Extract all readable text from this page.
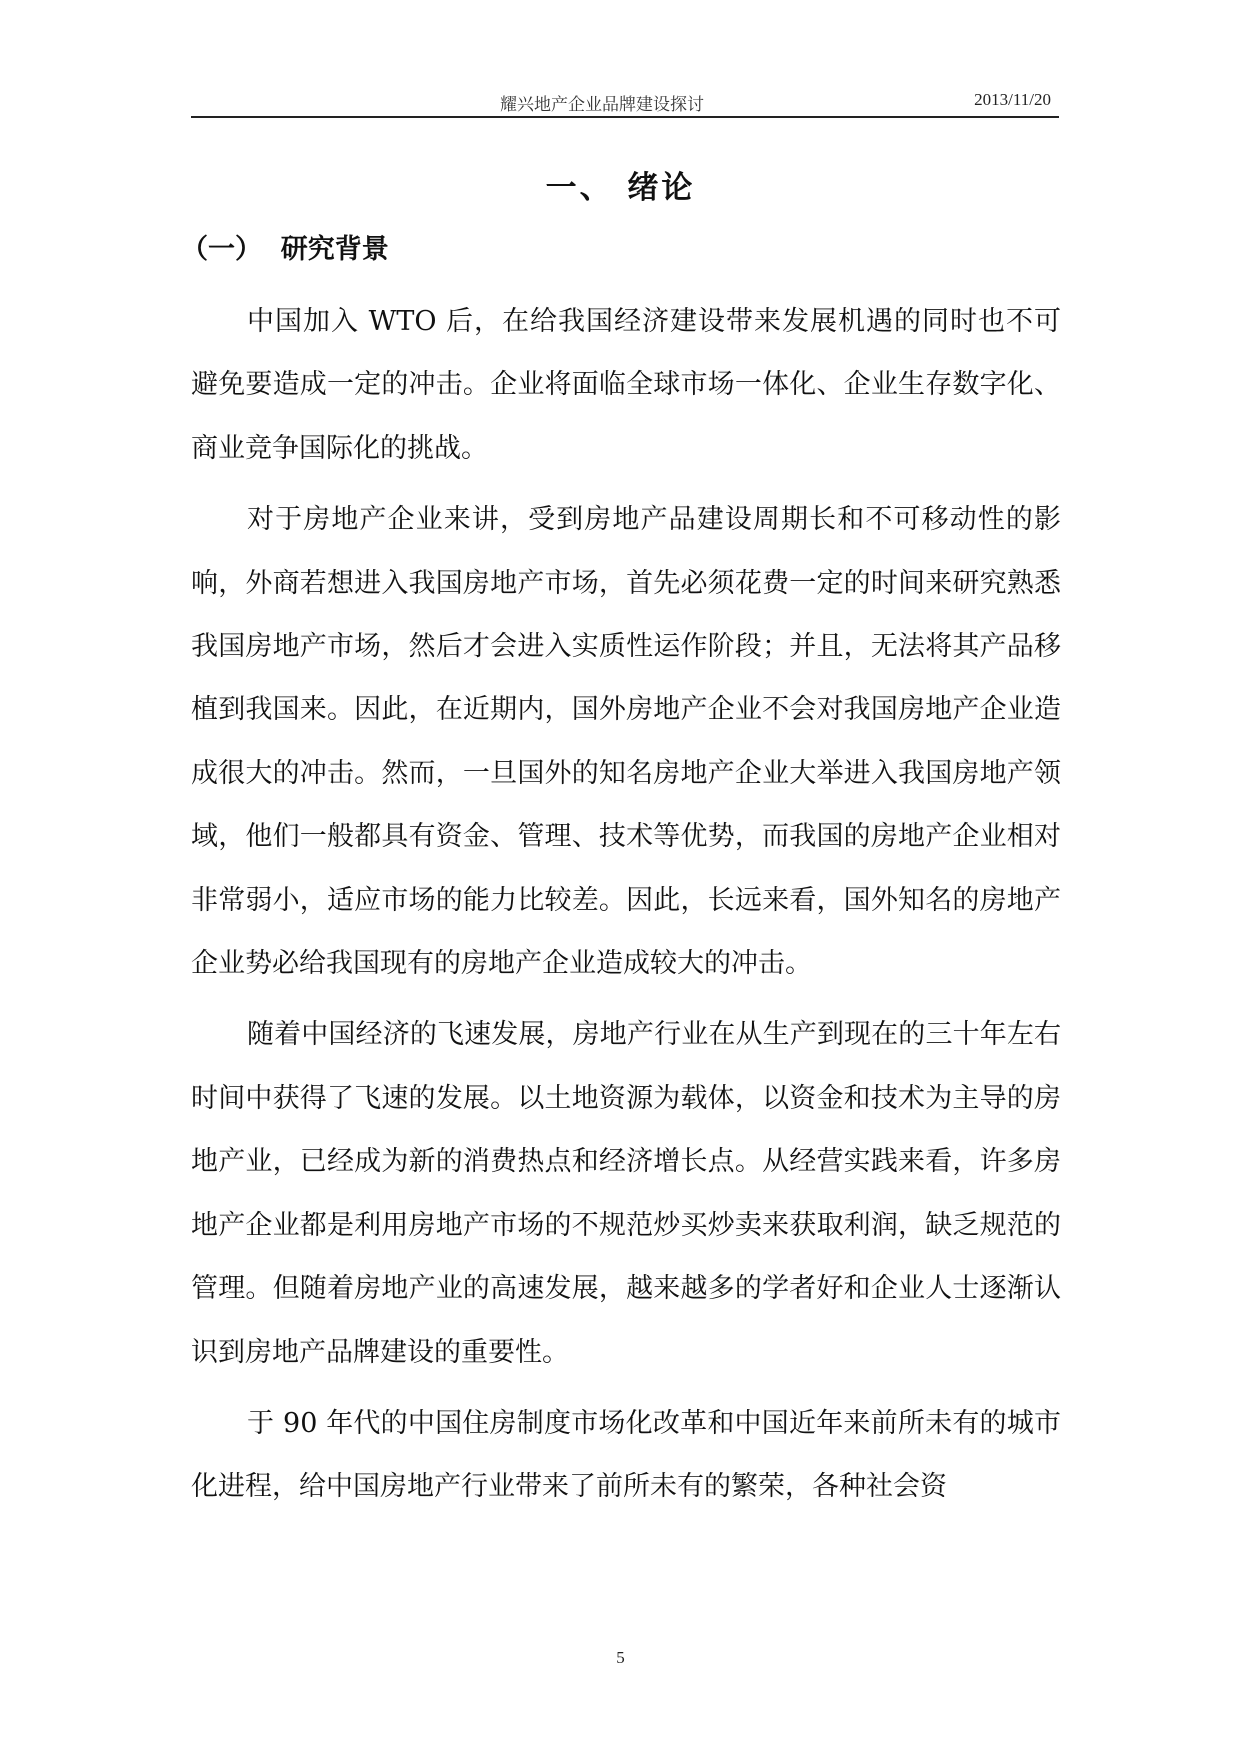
耀兴地产企业品牌建设探讨	2013/11/20
一、 绪论
（一）  研究背景

中国加入 WTO 后，在给我国经济建设带来发展机遇的同时也不可避免要造成一定的冲击。企业将面临全球市场一体化、企业生存数字化、商业竞争国际化的挑战。

对于房地产企业来讲，受到房地产品建设周期长和不可移动性的影响，外商若想进入我国房地产市场，首先必须花费一定的时间来研究熟悉我国房地产市场，然后才会进入实质性运作阶段；并且，无法将其产品移植到我国来。因此，在近期内，国外房地产企业不会对我国房地产企业造成很大的冲击。然而，一旦国外的知名房地产企业大举进入我国房地产领域，他们一般都具有资金、管理、技术等优势，而我国的房地产企业相对非常弱小，适应市场的能力比较差。因此，长远来看，国外知名的房地产企业势必给我国现有的房地产企业造成较大的冲击。

随着中国经济的飞速发展，房地产行业在从生产到现在的三十年左右时间中获得了飞速的发展。以土地资源为载体，以资金和技术为主导的房地产业，已经成为新的消费热点和经济增长点。从经营实践来看，许多房地产企业都是利用房地产市场的不规范炒买炒卖来获取利润，缺乏规范的管理。但随着房地产业的高速发展，越来越多的学者好和企业人士逐渐认识到房地产品牌建设的重要性。

于 90 年代的中国住房制度市场化改革和中国近年来前所未有的城市化进程，给中国房地产行业带来了前所未有的繁荣，各种社会资

5
